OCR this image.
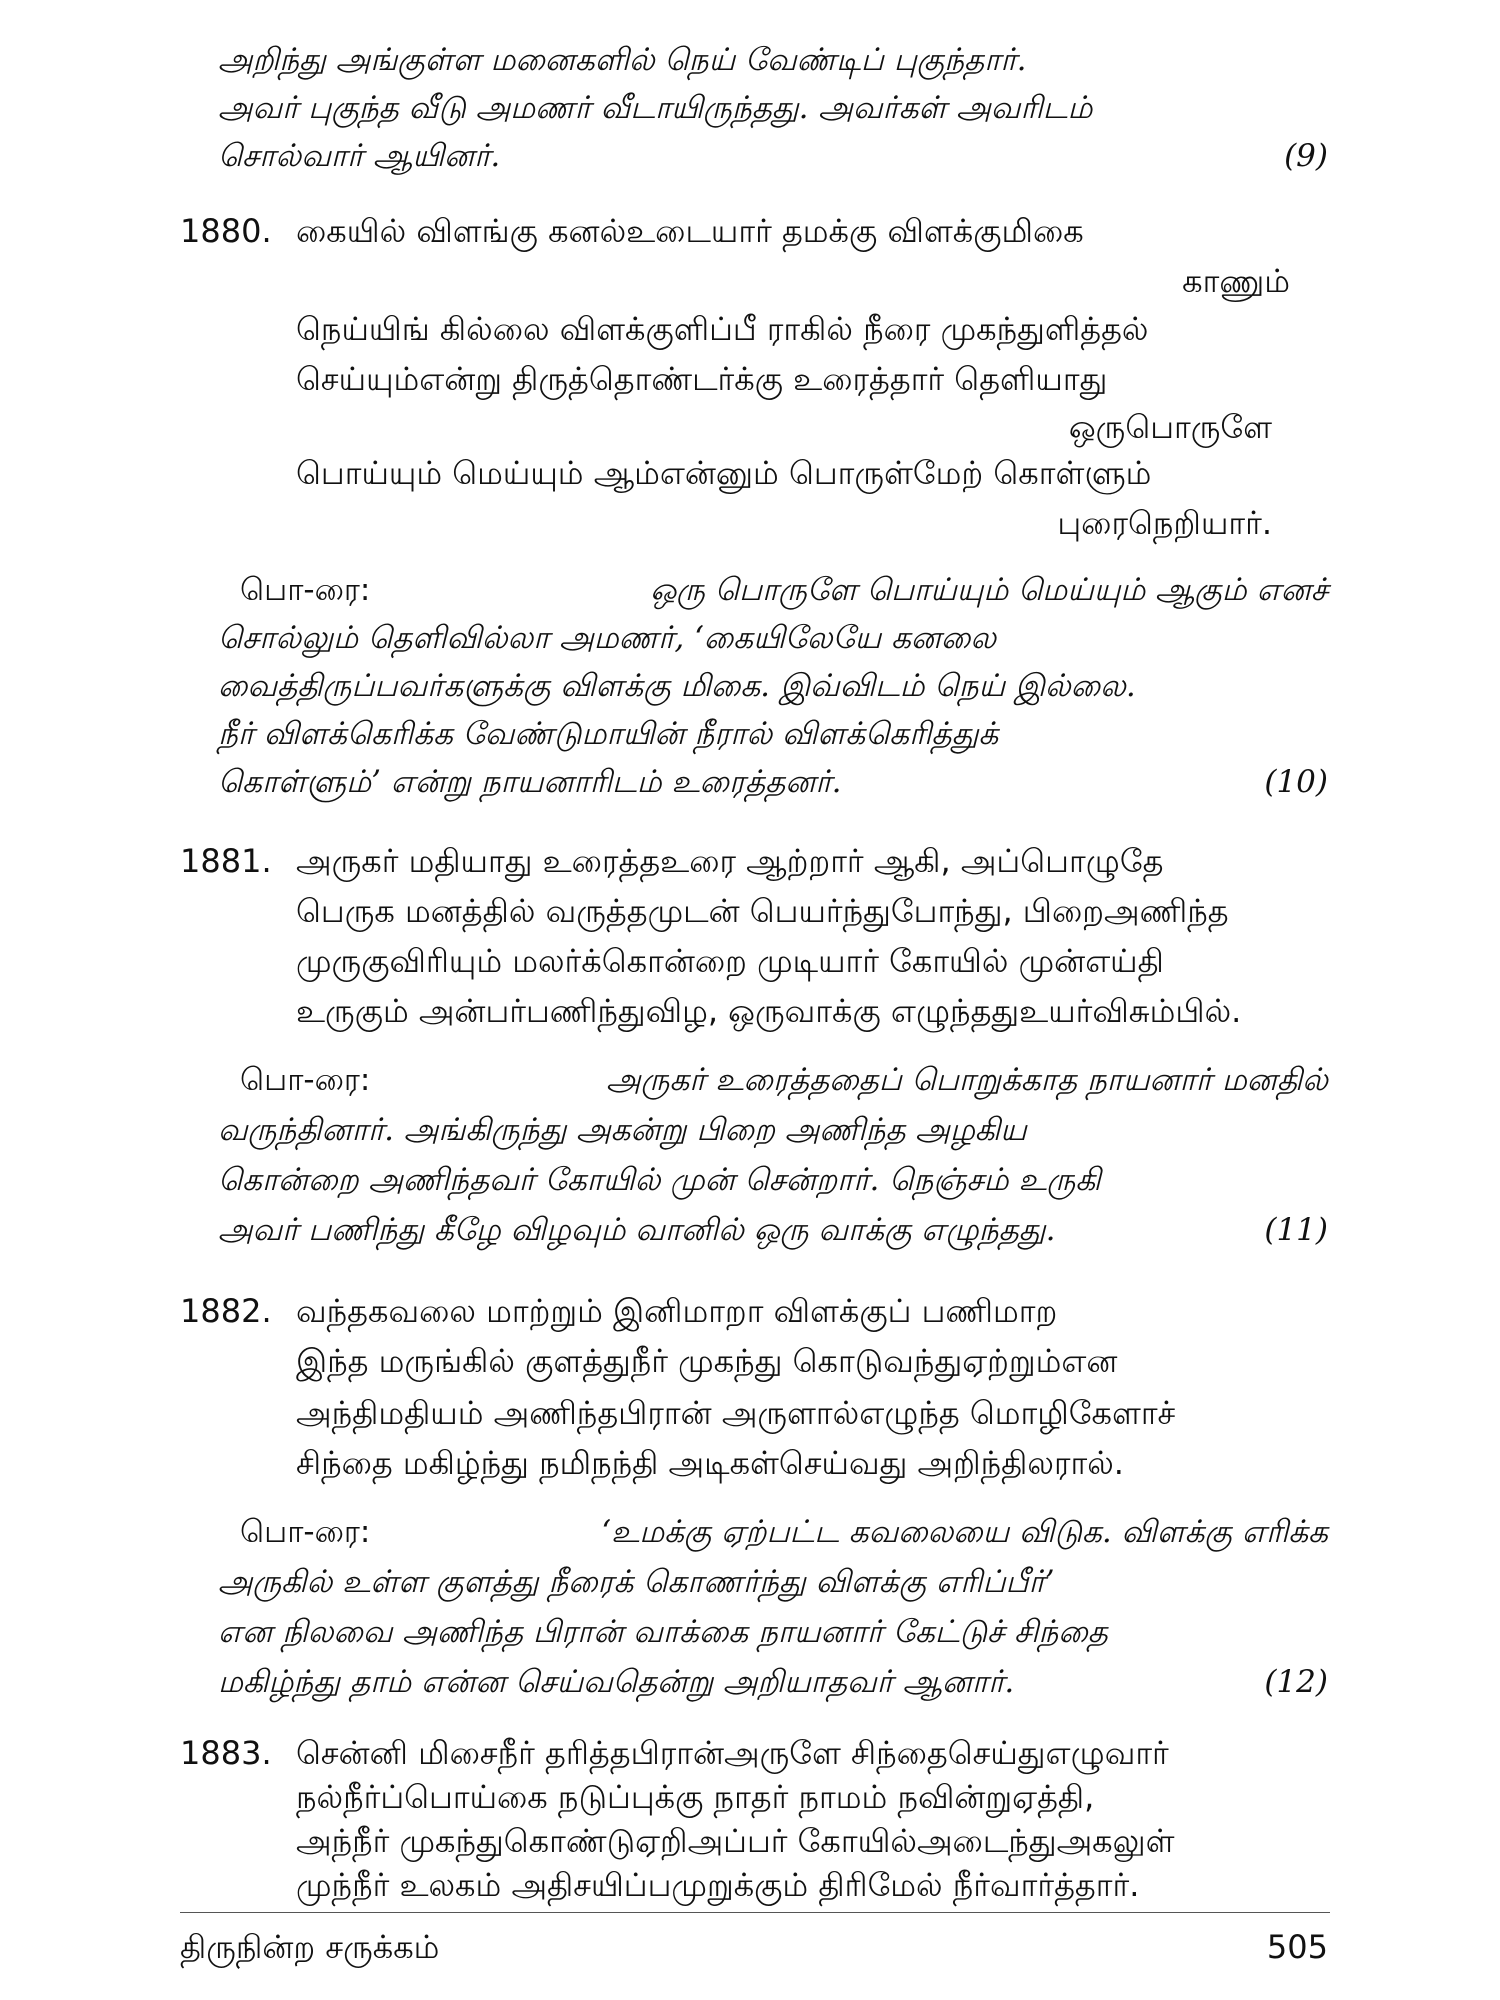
அறிந்து அங்குள்ள மனைகளில் நெய் வேண்டிப் புகுந்தார்.
அவர் புகுந்த வீடு அமணர் வீடாயிருந்தது. அவர்கள் அவரிடம்
சொல்வார் ஆயினர்.	(9)
1880. கையில் விளங்கு கனல்உடையார் தமக்கு விளக்குமிகை
காணும்
நெய்யிங் கில்லை விளக்குளிப்பீ ராகில் நீரை முகந்துளித்தல்
செய்யும்என்று திருத்தொண்டர்க்கு உரைத்தார் தெளியாது
ஒருபொருளே
பொய்யும் மெய்யும் ஆம்என்னும் பொருள்மேற் கொள்ளும்
புரைநெறியார்.
பொ-ரை:	ஒரு பொருளே பொய்யும் மெய்யும் ஆகும் எனச்
சொல்லும் தெளிவில்லா அமணர், ‘கையிலேயே கனலை
வைத்திருப்பவர்களுக்கு விளக்கு மிகை. இவ்விடம் நெய் இல்லை.
நீர் விளக்கெரிக்க வேண்டுமாயின் நீரால் விளக்கெரித்துக்
கொள்ளும்’ என்று நாயனாரிடம் உரைத்தனர்.	(10)
1881. அருகர் மதியாது உரைத்தஉரை ஆற்றார் ஆகி, அப்பொழுதே
பெருக மனத்தில் வருத்தமுடன் பெயர்ந்துபோந்து, பிறைஅணிந்த
முருகுவிரியும் மலர்க்கொன்றை முடியார் கோயில் முன்எய்தி
உருகும் அன்பர்பணிந்துவிழ, ஒருவாக்கு எழுந்ததுஉயர்விசும்பில்.
பொ-ரை:	அருகர் உரைத்ததைப் பொறுக்காத நாயனார் மனதில்
வருந்தினார். அங்கிருந்து அகன்று பிறை அணிந்த அழகிய
கொன்றை அணிந்தவர் கோயில் முன் சென்றார். நெஞ்சம் உருகி
அவர் பணிந்து கீழே விழவும் வானில் ஒரு வாக்கு எழுந்தது.	(11)
1882. வந்தகவலை மாற்றும் இனிமாறா விளக்குப் பணிமாற
இந்த மருங்கில் குளத்துநீர் முகந்து கொடுவந்துஏற்றும்என
அந்திமதியம் அணிந்தபிரான் அருளால்எழுந்த மொழிகேளாச்
சிந்தை மகிழ்ந்து நமிநந்தி அடிகள்செய்வது அறிந்திலரால்.
பொ-ரை:	‘உமக்கு ஏற்பட்ட கவலையை விடுக. விளக்கு எரிக்க
அருகில் உள்ள குளத்து நீரைக் கொணர்ந்து விளக்கு எரிப்பீர்’
என நிலவை அணிந்த பிரான் வாக்கை நாயனார் கேட்டுச் சிந்தை
மகிழ்ந்து தாம் என்ன செய்வதென்று அறியாதவர் ஆனார்.	(12)
1883. சென்னி மிசைநீர் தரித்தபிரான்அருளே சிந்தைசெய்துஎழுவார்
நல்நீர்ப்பொய்கை நடுப்புக்கு நாதர் நாமம் நவின்றுஏத்தி,
அந்நீர் முகந்துகொண்டுஏறிஅப்பர் கோயில்அடைந்துஅகலுள்
திருநின்ற சருக்கம்	505
முந்நீர் உலகம் அதிசயிப்பமுறுக்கும் திரிமேல் நீர்வார்த்தார்.
